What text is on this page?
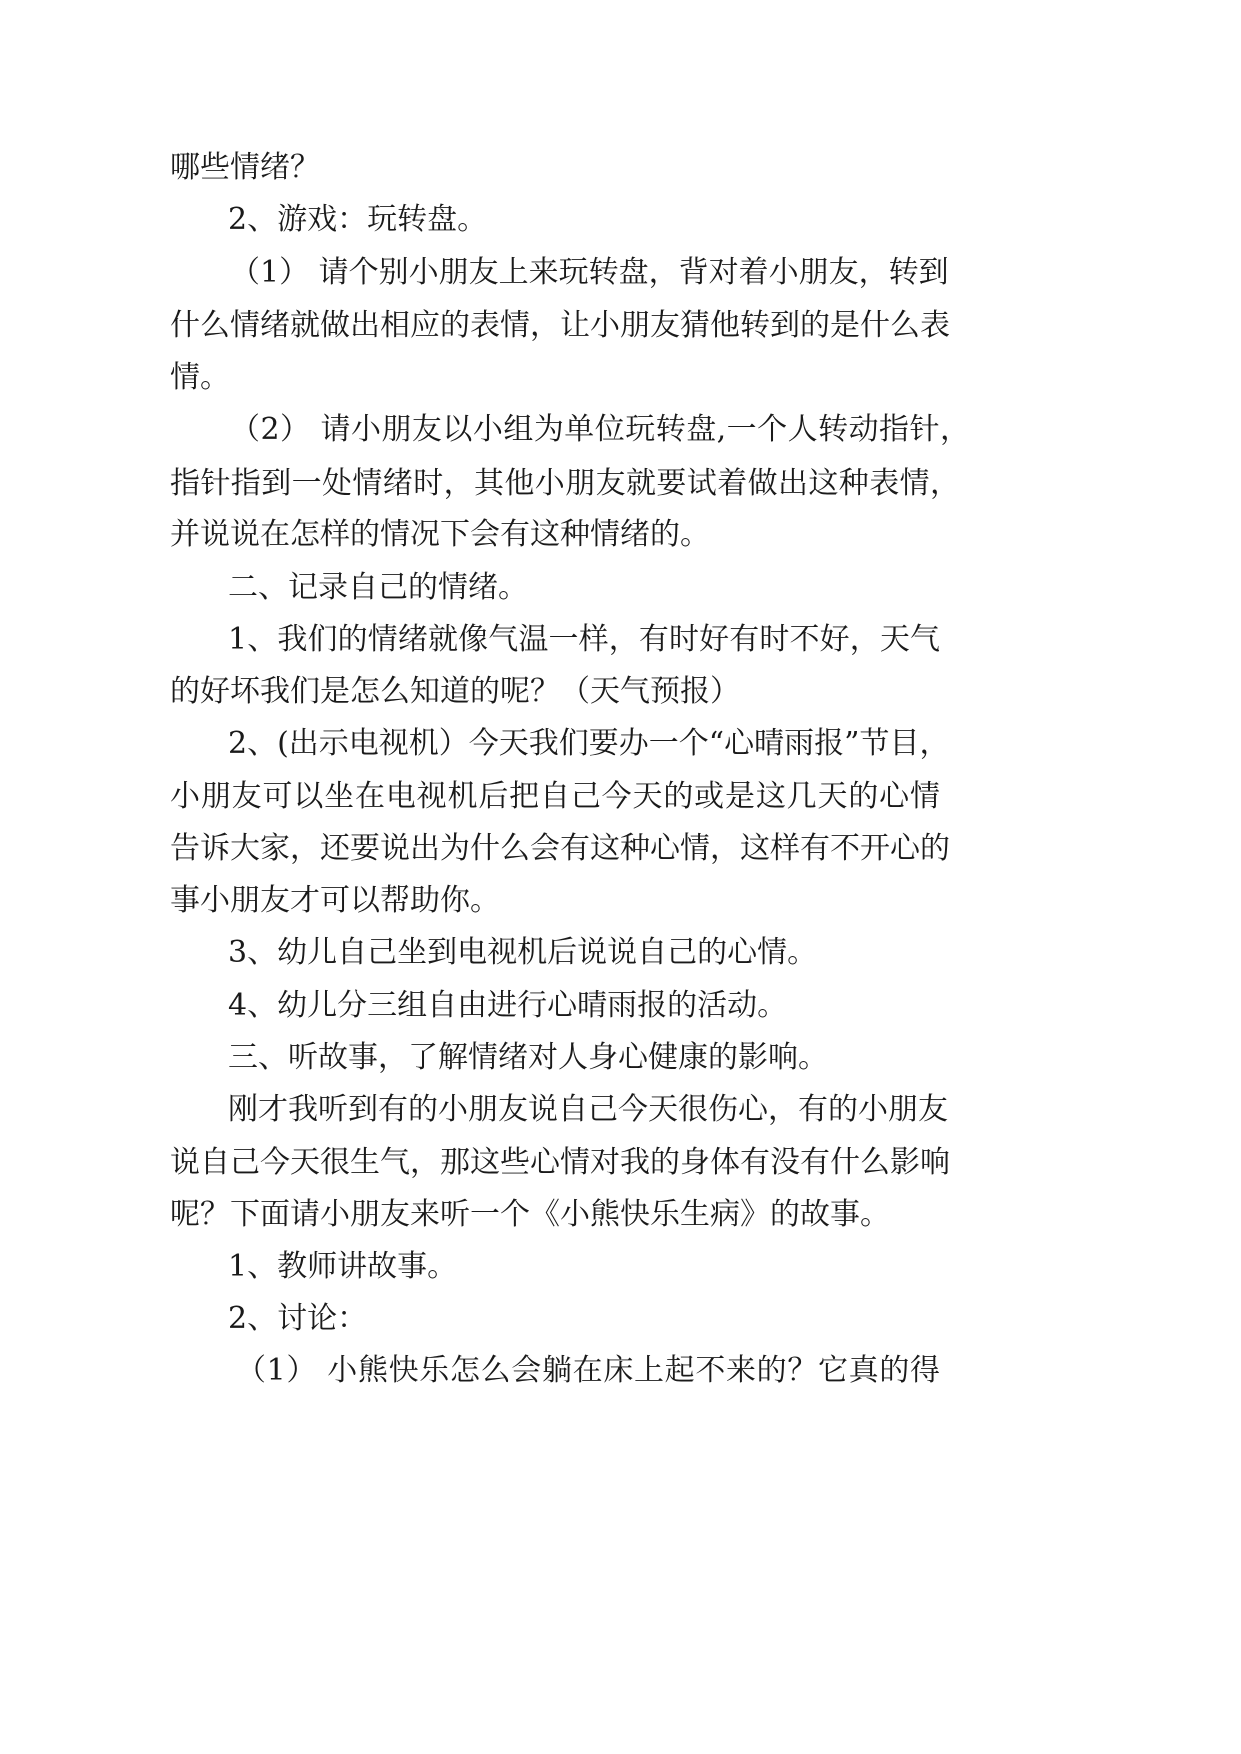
哪些情绪？
2、游戏：玩转盘。
（1） 请个别小朋友上来玩转盘，背对着小朋友，转到
什么情绪就做出相应的表情，让小朋友猜他转到的是什么表
情。
（2） 请小朋友以小组为单位玩转盘,一个人转动指针，
指针指到一处情绪时，其他小朋友就要试着做出这种表情，
并说说在怎样的情况下会有这种情绪的。
二、记录自己的情绪。
1、我们的情绪就像气温一样，有时好有时不好，天气
的好坏我们是怎么知道的呢？（天气预报）
2、(出示电视机）今天我们要办一个“心晴雨报”节目，
小朋友可以坐在电视机后把自己今天的或是这几天的心情
告诉大家，还要说出为什么会有这种心情，这样有不开心的
事小朋友才可以帮助你。
3、幼儿自己坐到电视机后说说自己的心情。
4、幼儿分三组自由进行心晴雨报的活动。
三、听故事，了解情绪对人身心健康的影响。
刚才我听到有的小朋友说自己今天很伤心，有的小朋友
说自己今天很生气，那这些心情对我的身体有没有什么影响
呢？下面请小朋友来听一个《小熊快乐生病》的故事。
1、教师讲故事。
2、讨论：
（1） 小熊快乐怎么会躺在床上起不来的？它真的得
